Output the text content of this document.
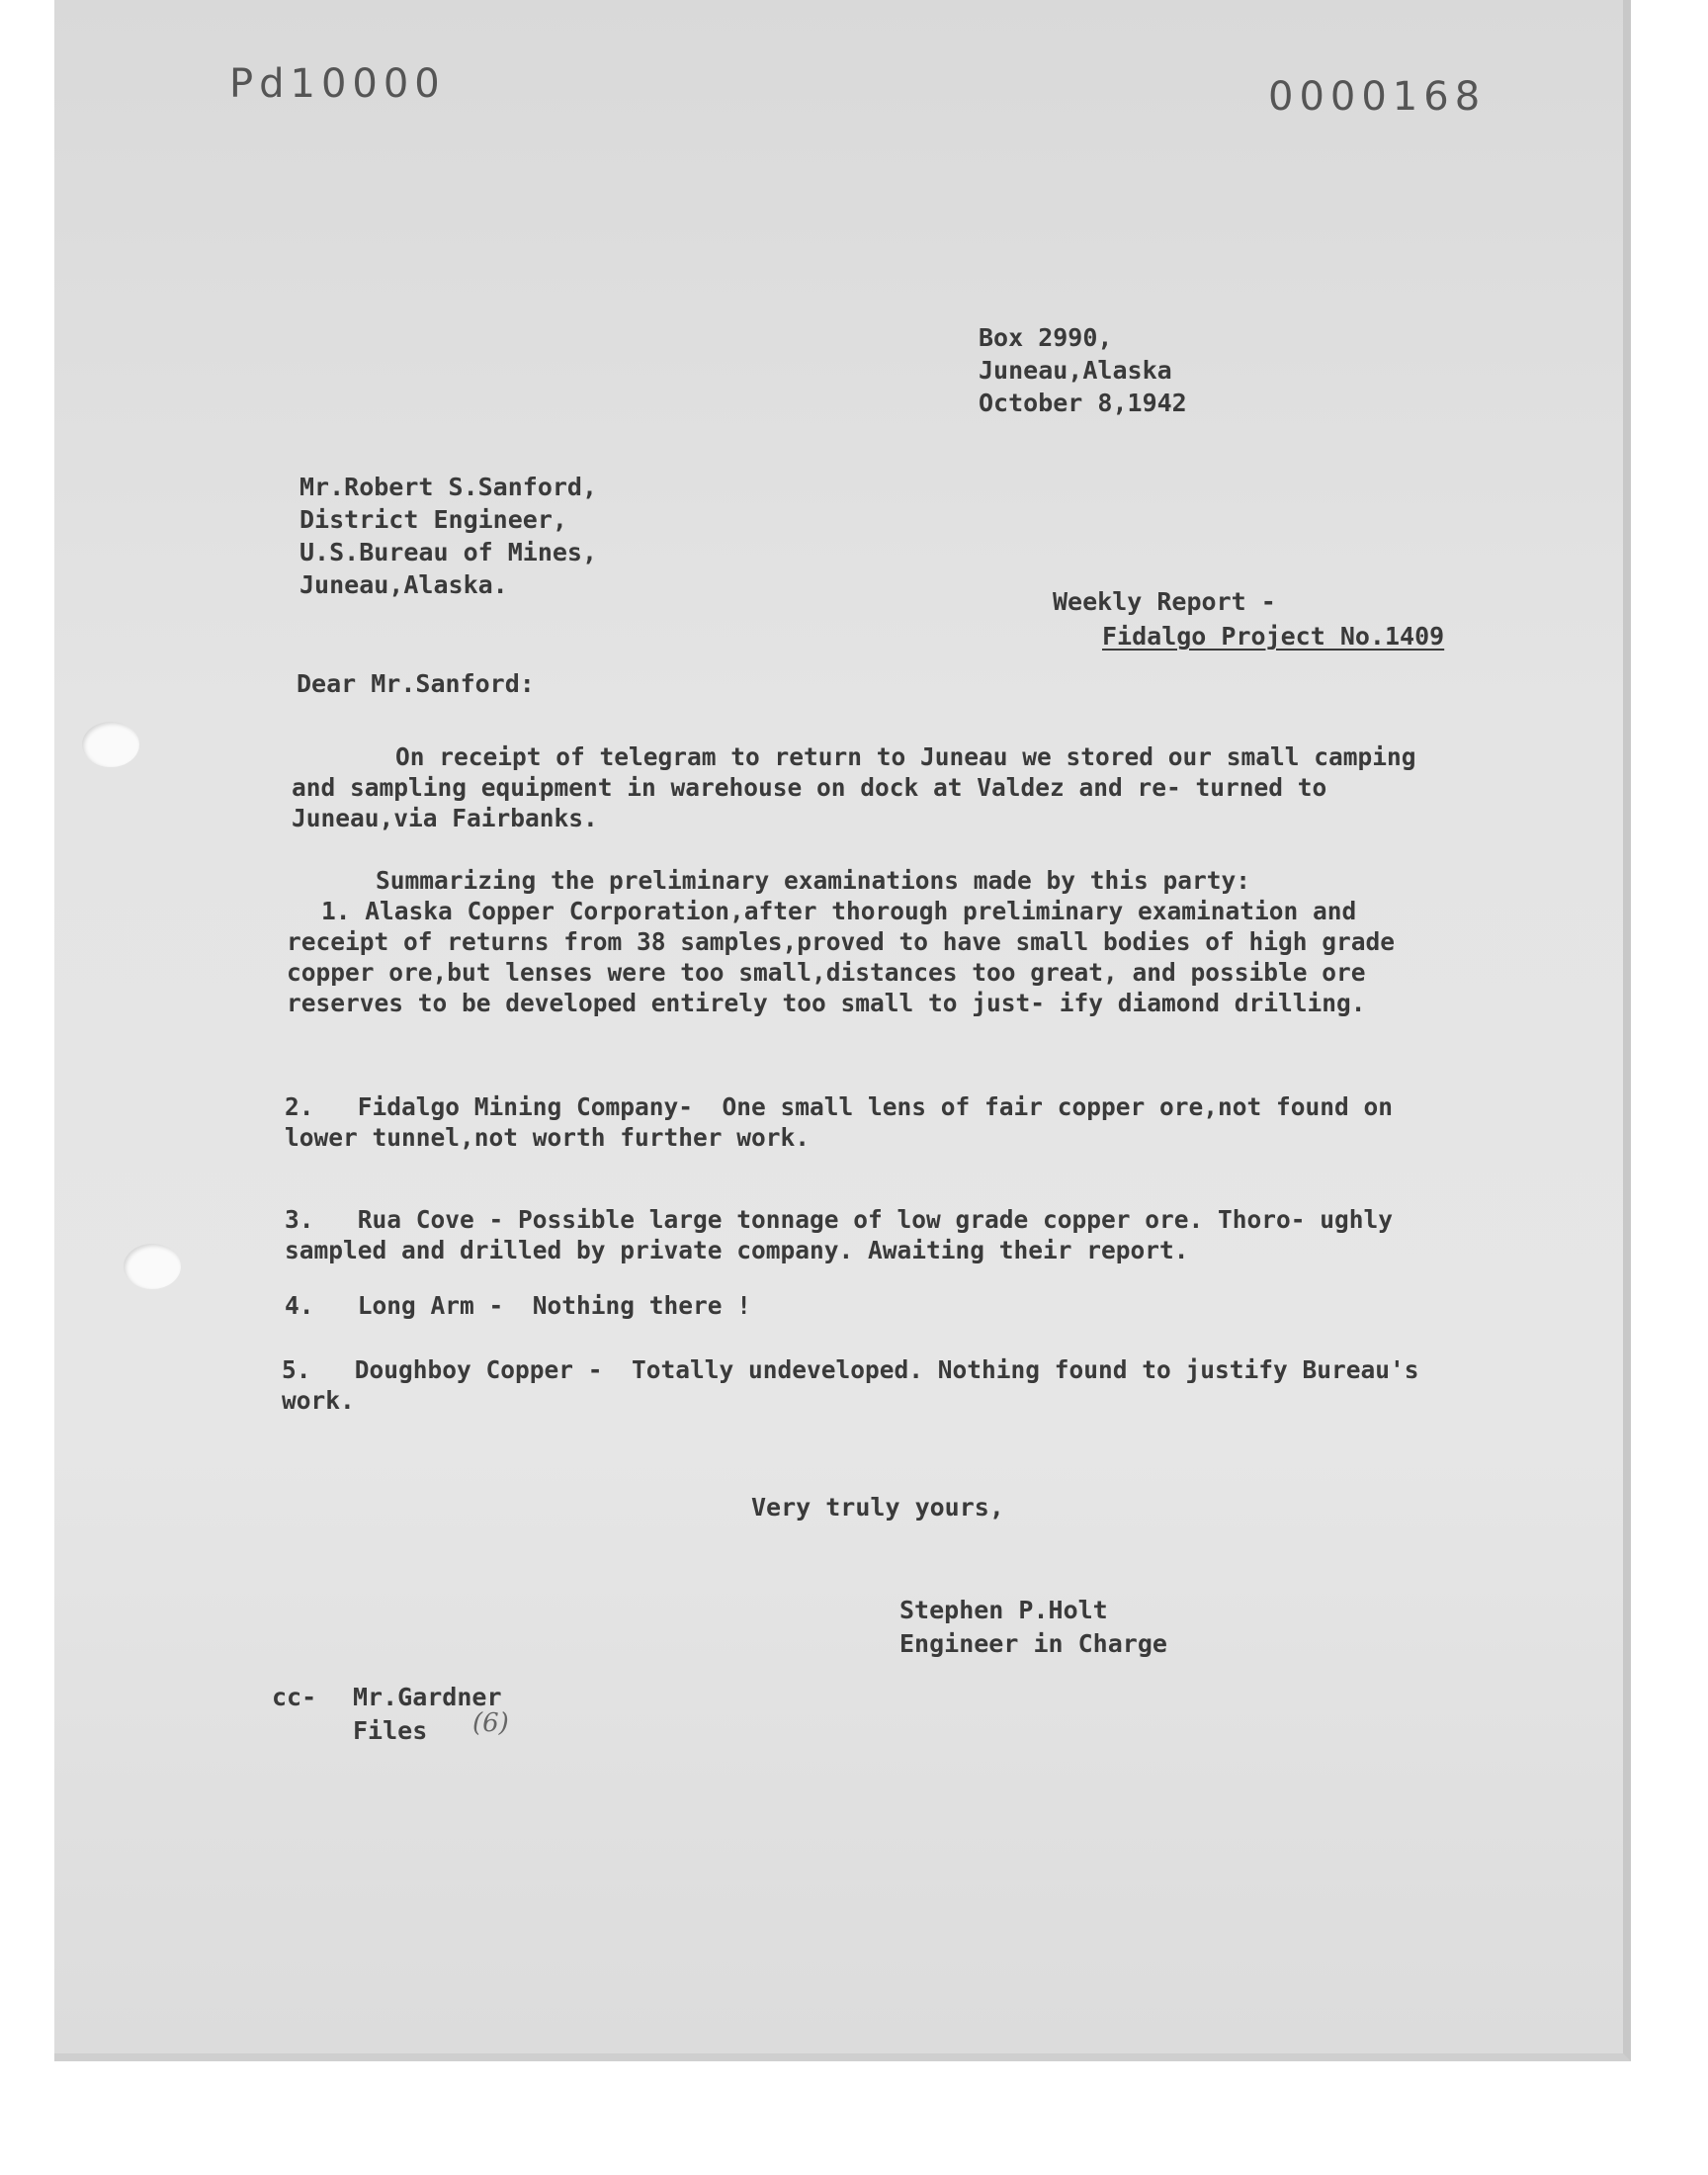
Pd10000	0000168
Box 2990,
Juneau,Alaska
October 8,1942
Mr.Robert S.Sanford,
District Engineer,
U.S.Bureau of Mines,
Juneau,Alaska.
Weekly Report -
Fidalgo Project No.1409
Dear Mr.Sanford:
On receipt of telegram to return to Juneau we stored our small camping and sampling equipment in warehouse on dock at Valdez and re- turned to Juneau,via Fairbanks.
Summarizing the preliminary examinations made by this party:
1. Alaska Copper Corporation,after thorough preliminary examination and receipt of returns from 38 samples,proved to have small bodies of high grade copper ore,but lenses were too small,distances too great, and possible ore reserves to be developed entirely too small to just- ify diamond drilling.
2.   Fidalgo Mining Company-  One small lens of fair copper ore,not found on lower tunnel,not worth further work.
3.   Rua Cove - Possible large tonnage of low grade copper ore. Thoro- ughly sampled and drilled by private company. Awaiting their report.
4.   Long Arm -  Nothing there !
5.   Doughboy Copper -  Totally undeveloped. Nothing found to justify Bureau's work.
Very truly yours,
Stephen P.Holt
Engineer in Charge
cc- Mr.Gardner
Files (6)
